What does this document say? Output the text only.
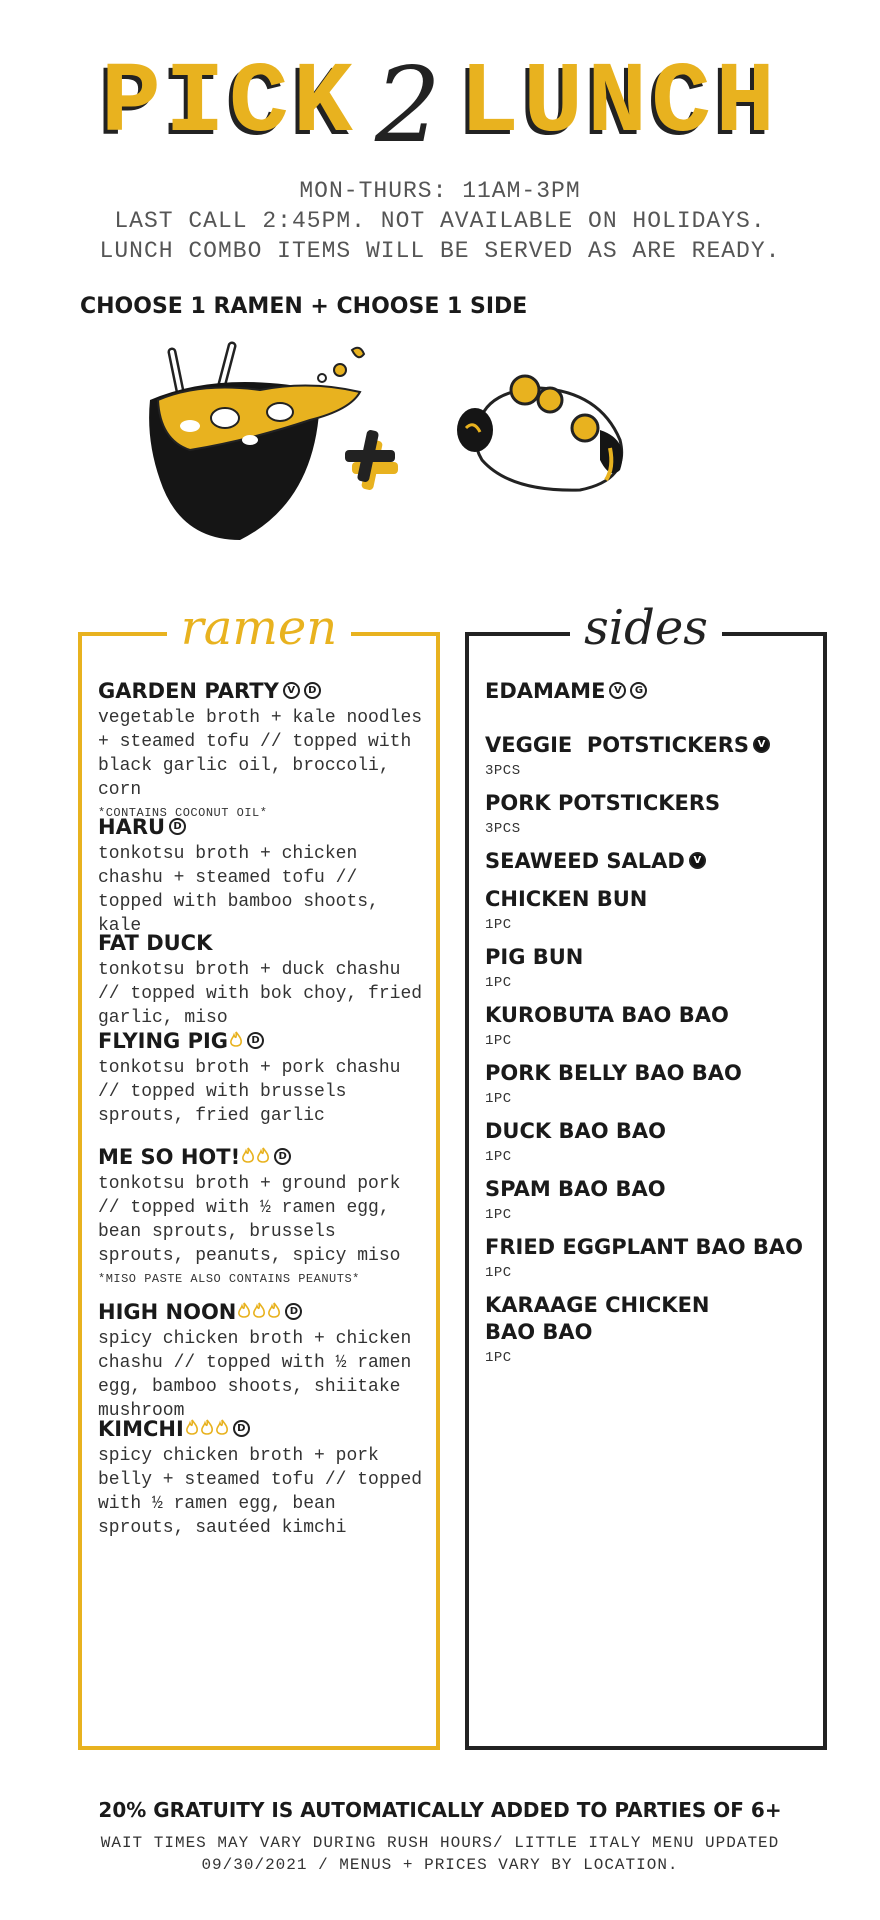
PICK 2 LUNCH
MON-THURS: 11AM-3PM
LAST CALL 2:45PM. NOT AVAILABLE ON HOLIDAYS.
LUNCH COMBO ITEMS WILL BE SERVED AS ARE READY.
CHOOSE 1 RAMEN + CHOOSE 1 SIDE
ramen
GARDEN PARTY V D
vegetable broth + kale noodles + steamed tofu // topped with black garlic oil, broccoli, corn
*CONTAINS COCONUT OIL*
HARU D
tonkotsu broth + chicken chashu + steamed tofu // topped with bamboo shoots, kale
FAT DUCK
tonkotsu broth + duck chashu // topped with bok choy, fried garlic, miso
FLYING PIG D
tonkotsu broth + pork chashu // topped with brussels sprouts, fried garlic
ME SO HOT!	D
tonkotsu broth + ground pork // topped with ½ ramen egg, bean sprouts, brussels sprouts, peanuts, spicy miso
*MISO PASTE ALSO CONTAINS PEANUTS*
HIGH NOON	D
spicy chicken broth + chicken chashu // topped with ½ ramen egg, bamboo shoots, shiitake mushroom
KIMCHI	D
spicy chicken broth + pork belly + steamed tofu // topped with ½ ramen egg, bean sprouts, sautéed kimchi
sides
EDAMAME V G
VEGGIE  POTSTICKERS V
3PCS
PORK POTSTICKERS
3PCS
SEAWEED SALAD V
CHICKEN BUN
1PC
PIG BUN
1PC
KUROBUTA BAO BAO
1PC
PORK BELLY BAO BAO
1PC
DUCK BAO BAO
1PC
SPAM BAO BAO
1PC
FRIED EGGPLANT BAO BAO
1PC
KARAAGE CHICKEN BAO BAO
1PC
20% GRATUITY IS AUTOMATICALLY ADDED TO PARTIES OF 6+
WAIT TIMES MAY VARY DURING RUSH HOURS/ LITTLE ITALY MENU UPDATED
09/30/2021 / MENUS + PRICES VARY BY LOCATION.
